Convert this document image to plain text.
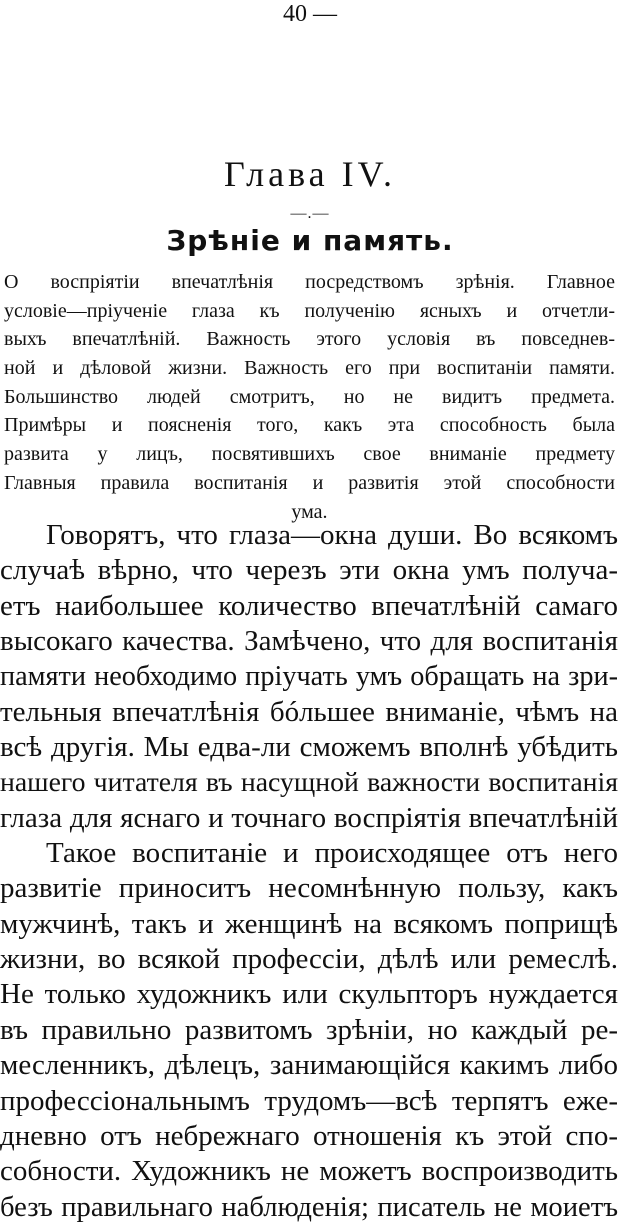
40 —
Глава IV.
—.—
Зрѣніе и память.
О воспріятіи впечатлѣнія посредствомъ зрѣнія. Главное
условіе—пріученіе глаза къ полученію ясныхъ и отчетли-
выхъ впечатлѣній. Важность этого условія въ повседнев-
ной и дѣловой жизни. Важность его при воспитаніи памяти.
Большинство людей смотритъ, но не видитъ предмета.
Примѣры и поясненія того, какъ эта способность была
развита у лицъ, посвятившихъ свое вниманіе предмету
Главныя правила воспитанія и развитія этой способности
ума.
Говорятъ, что глаза—окна души. Во всякомъ
случаѣ вѣрно, что черезъ эти окна умъ получа-
етъ наибольшее количество впечатлѣній самаго
высокаго качества. Замѣчено, что для воспитанія
памяти необходимо пріучать умъ обращать на зри-
тельныя впечатлѣнія бóльшее вниманіе, чѣмъ на
всѣ другія. Мы едва-ли сможемъ вполнѣ убѣдить
нашего читателя въ насущной важности воспитанія
глаза для яснаго и точнаго воспріятія впечатлѣній
Такое воспитаніе и происходящее отъ него
развитіе приноситъ несомнѣнную пользу, какъ
мужчинѣ, такъ и женщинѣ на всякомъ поприщѣ
жизни, во всякой профессіи, дѣлѣ или ремеслѣ.
Не только художникъ или скульпторъ нуждается
въ правильно развитомъ зрѣніи, но каждый ре-
месленникъ, дѣлецъ, занимающійся какимъ либо
профессіональнымъ трудомъ—всѣ терпятъ еже-
дневно отъ небрежнаго отношенія къ этой спо-
собности. Художникъ не можетъ воспроизводить
безъ правильнаго наблюденія; писатель не моиетъ
